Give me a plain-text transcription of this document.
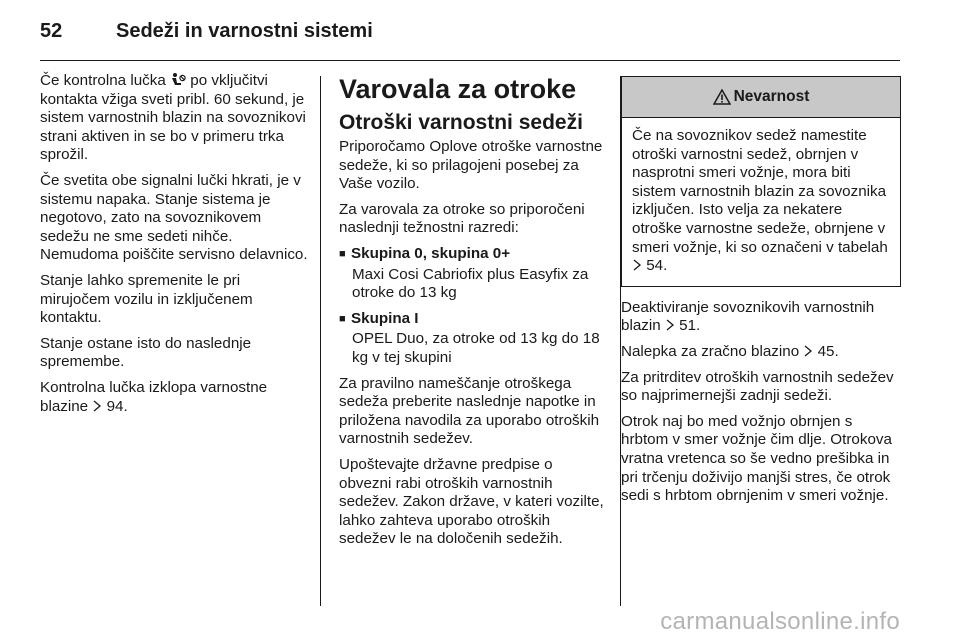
52	Sedeži in varnostni sistemi

Če kontrolna lučka po vključitvi kontakta vžiga sveti pribl. 60 sekund, je sistem varnostnih blazin na sovoznikovi strani aktiven in se bo v primeru trka sprožil.

Če svetita obe signalni lučki hkrati, je v sistemu napaka. Stanje sistema je negotovo, zato na sovoznikovem sedežu ne sme sedeti nihče. Nemudoma poiščite servisno delavnico.

Stanje lahko spremenite le pri mirujočem vozilu in izključenem kontaktu.

Stanje ostane isto do naslednje spremembe.

Kontrolna lučka izklopa varnostne blazine 94.

Varovala za otroke
Otroški varnostni sedeži

Priporočamo Oplove otroške varnostne sedeže, ki so prilagojeni posebej za Vaše vozilo.

Za varovala za otroke so priporočeni naslednji težnostni razredi:

■ Skupina 0, skupina 0+

Maxi Cosi Cabriofix plus Easyfix za otroke do 13 kg

■ Skupina I

OPEL Duo, za otroke od 13 kg do 18 kg v tej skupini

Za pravilno nameščanje otroškega sedeža preberite naslednje napotke in priložena navodila za uporabo otroških varnostnih sedežev.

Upoštevajte državne predpise o obvezni rabi otroških varnostnih sedežev. Zakon države, v kateri vozilte, lahko zahteva uporabo otroških sedežev le na določenih sedežih.

Nevarnost
Če na sovoznikov sedež namestite otroški varnostni sedež, obrnjen v nasprotni smeri vožnje, mora biti sistem varnostnih blazin za sovoznika izključen. Isto velja za nekatere otroške varnostne sedeže, obrnjene v smeri vožnje, ki so označeni v tabelah  54.

Deaktiviranje sovoznikovih varnostnih blazin 51.

Nalepka za zračno blazino 45.

Za pritrditev otroških varnostnih sedežev so najprimernejši zadnji sedeži.

Otrok naj bo med vožnjo obrnjen s hrbtom v smer vožnje čim dlje. Otrokova vratna vretenca so še vedno prešibka in pri trčenju doživijo manjši stres, če otrok sedi s hrbtom obrnjenim v smeri vožnje.

carmanualsonline.info
